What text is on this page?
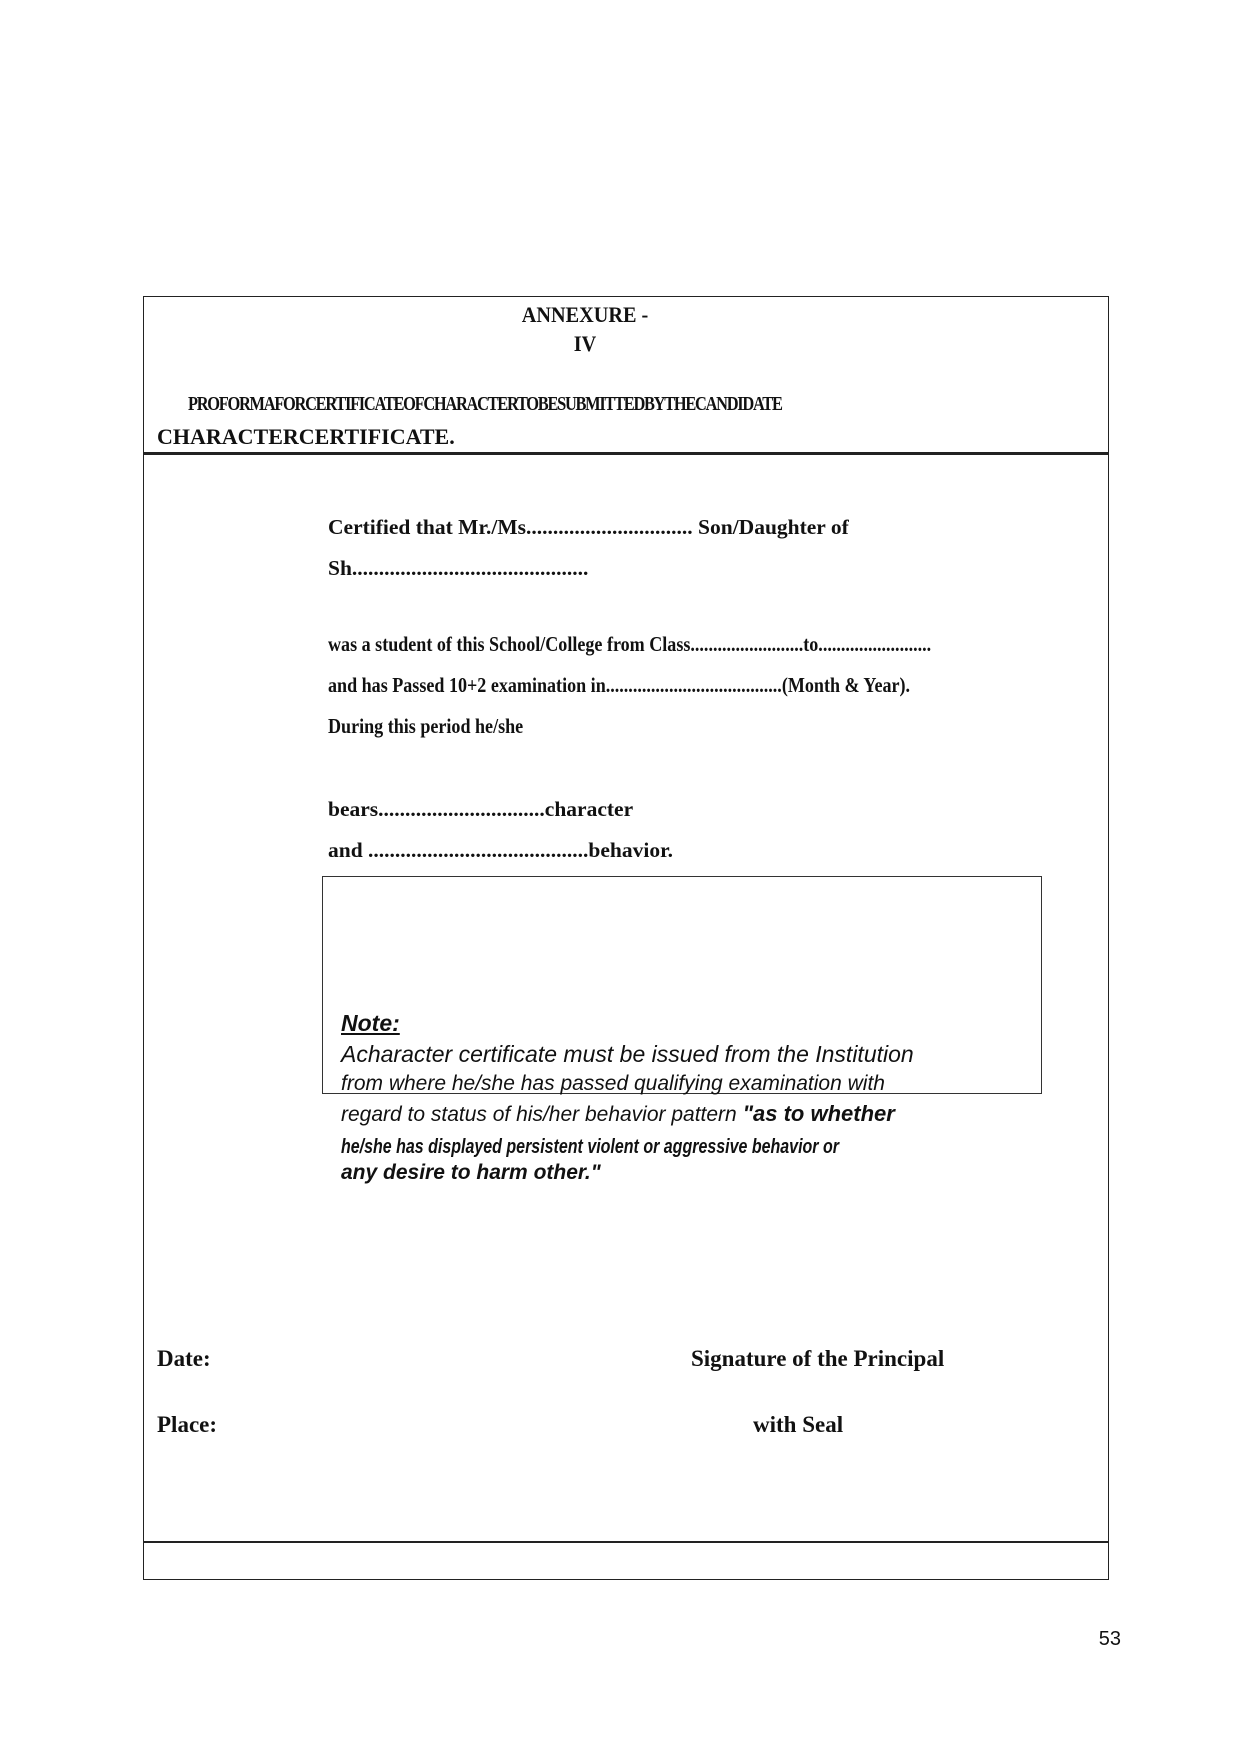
ANNEXURE -
IV
PROFORMAFORCERTIFICATEOFCHARACTERTOBESUBMITTEDBYTHECANDIDATE
CHARACTERCERTIFICATE.
Certified that Mr./Ms............................... Son/Daughter of
Sh............................................
was a student of this School/College from Class.........................to.........................
and has Passed 10+2 examination in.......................................(Month & Year).
During this period he/she
bears...............................character
and .........................................behavior.
Note:
Acharacter certificate must be issued from the Institution
from where he/she has passed qualifying examination with
regard to status of his/her behavior pattern "as to whether
he/she has displayed persistent violent or aggressive behavior or
any desire to harm other."
Date:
Place:
Signature of the Principal
with Seal
53
